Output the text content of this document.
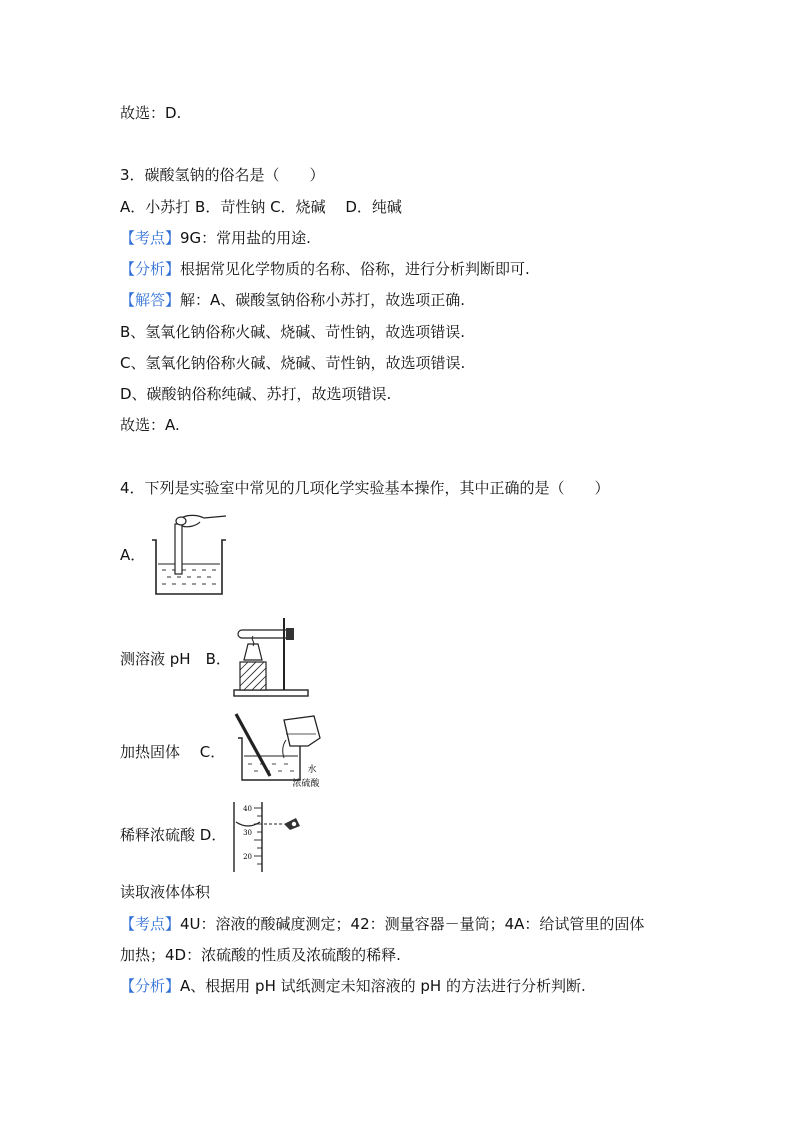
故选：D.
3．碳酸氢钠的俗名是（　　）
A．小苏打 B．苛性钠 C．烧碱　 D．纯碱
【考点】9G：常用盐的用途.
【分析】根据常见化学物质的名称、俗称，进行分析判断即可.
【解答】解：A、碳酸氢钠俗称小苏打，故选项正确.
B、氢氧化钠俗称火碱、烧碱、苛性钠，故选项错误.
C、氢氧化钠俗称火碱、烧碱、苛性钠，故选项错误.
D、碳酸钠俗称纯碱、苏打，故选项错误.
故选：A.
4．下列是实验室中常见的几项化学实验基本操作，其中正确的是（　　）
A．
测溶液 pH　B．
加热固体　 C．
水
浓硫酸
稀释浓硫酸 D．
40
30
20
读取液体体积
【考点】4U：溶液的酸碱度测定；42：测量容器－量筒；4A：给试管里的固体
加热；4D：浓硫酸的性质及浓硫酸的稀释.
【分析】A、根据用 pH 试纸测定未知溶液的 pH 的方法进行分析判断.
